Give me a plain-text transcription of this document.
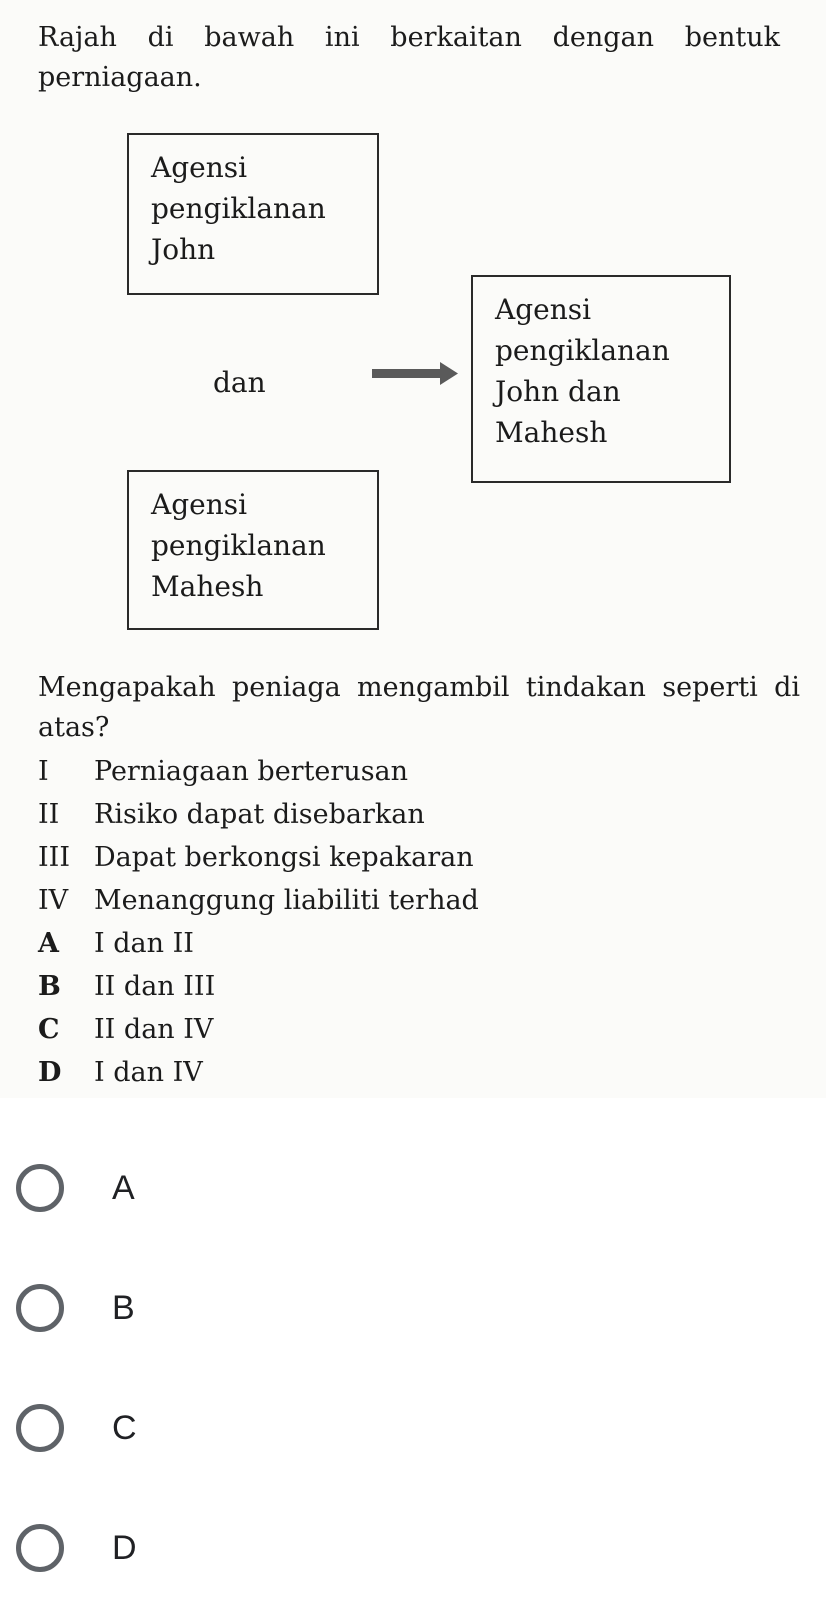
Rajah di bawah ini berkaitan dengan bentuk perniagaan.

Agensi
pengiklanan
John
dan
Agensi
pengiklanan
John dan
Mahesh
Agensi
pengiklanan
Mahesh

Mengapakah peniaga mengambil tindakan seperti di atas?

I	Perniagaan berterusan
II	Risiko dapat disebarkan
III Dapat berkongsi kepakaran
IV Menanggung liabiliti terhad
A	I dan II
B	II dan III
C	II dan IV
D	I dan IV
A
B
C
D
